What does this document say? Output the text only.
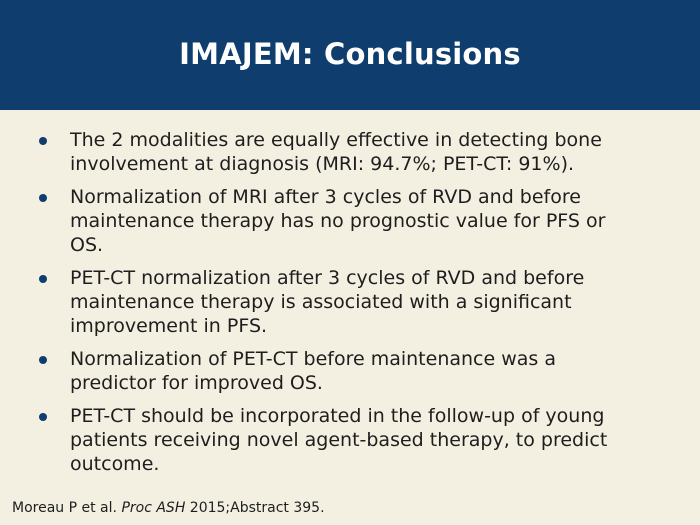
IMAJEM: Conclusions
The 2 modalities are equally effective in detecting bone involvement at diagnosis (MRI: 94.7%; PET-CT: 91%).
Normalization of MRI after 3 cycles of RVD and before maintenance therapy has no prognostic value for PFS or OS.
PET-CT normalization after 3 cycles of RVD and before maintenance therapy is associated with a significant improvement in PFS.
Normalization of PET-CT before maintenance was a predictor for improved OS.
PET-CT should be incorporated in the follow-up of young patients receiving novel agent-based therapy, to predict outcome.
Moreau P et al. Proc ASH 2015;Abstract 395.
